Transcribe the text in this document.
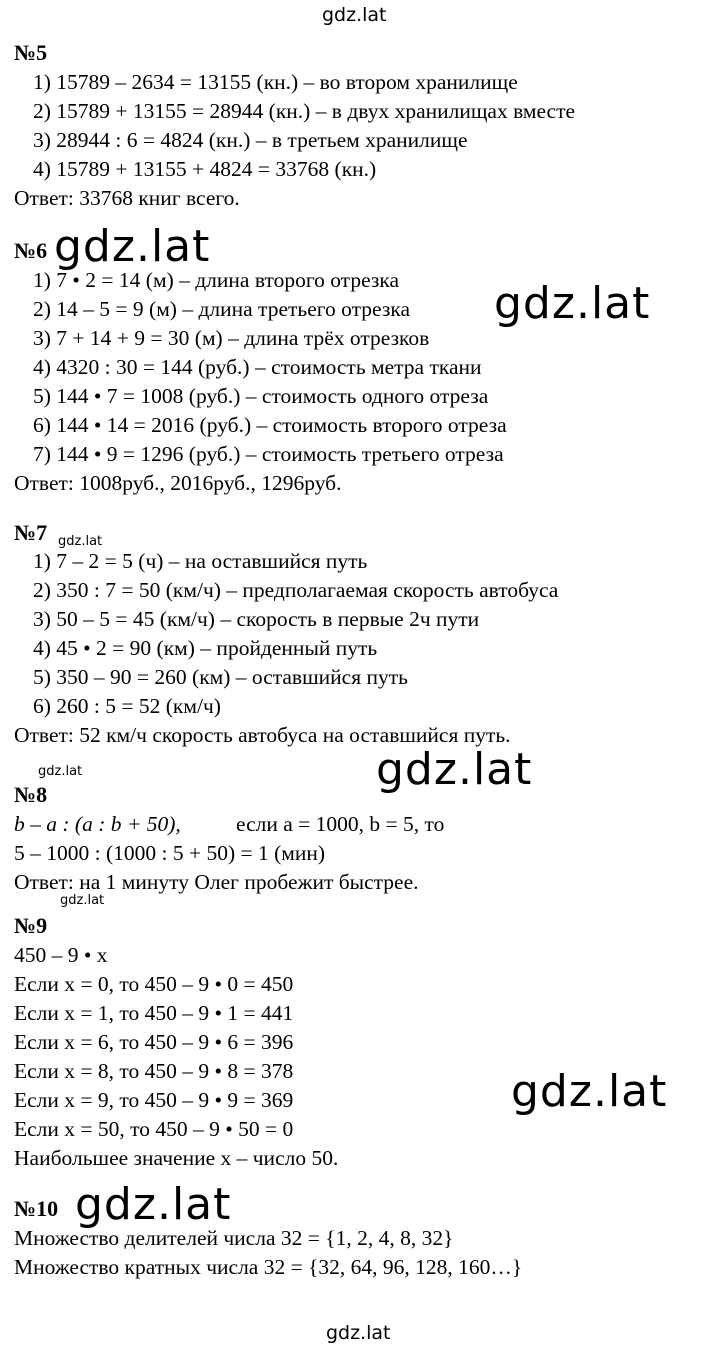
gdz.lat
gdz.lat
gdz.lat
gdz.lat
gdz.lat	gdz.lat
gdz.lat
gdz.lat
gdz.lat
gdz.lat
№5
1) 15789 – 2634 = 13155 (кн.) – во втором хранилище
2) 15789 + 13155 = 28944 (кн.) – в двух хранилищах вместе
3) 28944 : 6 = 4824 (кн.) – в третьем хранилище
4) 15789 + 13155 + 4824 = 33768 (кн.)
Ответ: 33768 книг всего.
№6
1) 7 • 2 = 14 (м) – длина второго отрезка
2) 14 – 5 = 9 (м) – длина третьего отрезка
3) 7 + 14 + 9 = 30 (м) – длина трёх отрезков
4) 4320 : 30 = 144 (руб.) – стоимость метра ткани
5) 144 • 7 = 1008 (руб.) – стоимость одного отреза
6) 144 • 14 = 2016 (руб.) – стоимость второго отреза
7) 144 • 9 = 1296 (руб.) – стоимость третьего отреза
Ответ: 1008руб., 2016руб., 1296руб.
№7
1) 7 – 2 = 5 (ч) – на оставшийся путь
2) 350 : 7 = 50 (км/ч) – предполагаемая скорость автобуса
3) 50 – 5 = 45 (км/ч) – скорость в первые 2ч пути
4) 45 • 2 = 90 (км) – пройденный путь
5) 350 – 90 = 260 (км) – оставшийся путь
6) 260 : 5 = 52 (км/ч)
Ответ: 52 км/ч скорость автобуса на оставшийся путь.
№8
b – a : (a : b + 50),	если a = 1000, b = 5, то
5 – 1000 : (1000 : 5 + 50) = 1 (мин)
Ответ: на 1 минуту Олег пробежит быстрее.
№9
450 – 9 • x
Если x = 0, то 450 – 9 • 0 = 450
Если x = 1, то 450 – 9 • 1 = 441
Если x = 6, то 450 – 9 • 6 = 396
Если x = 8, то 450 – 9 • 8 = 378
Если x = 9, то 450 – 9 • 9 = 369
Если x = 50, то 450 – 9 • 50 = 0
Наибольшее значение x – число 50.
№10
Множество делителей числа 32 = {1, 2, 4, 8, 32}
Множество кратных числа 32 = {32, 64, 96, 128, 160…}
